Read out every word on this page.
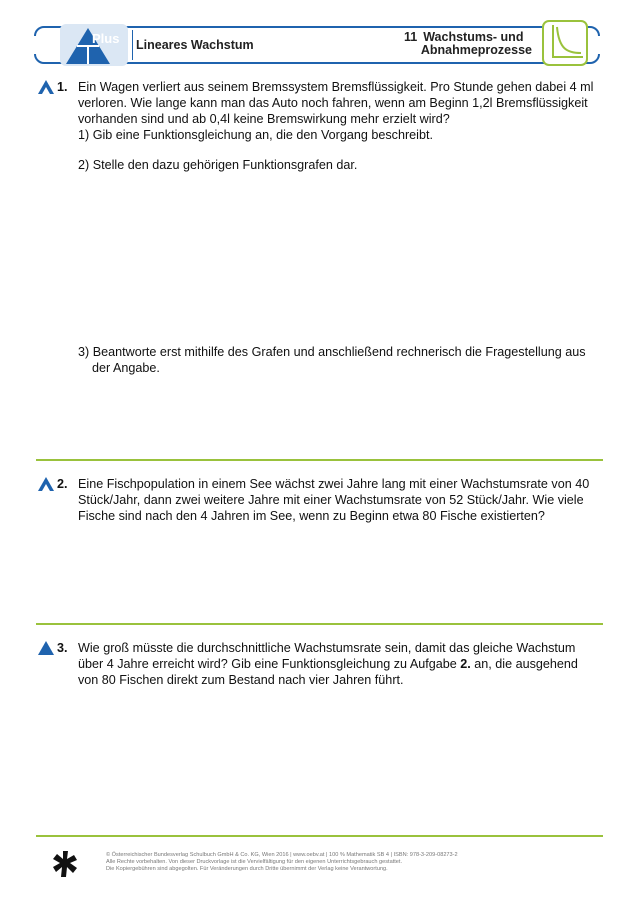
Plus Lineares Wachstum
11 Wachstums- und
Abnahmeprozesse
1. Ein Wagen verliert aus seinem Bremssystem Bremsflüssigkeit. Pro Stunde gehen dabei 4 ml

verloren. Wie lange kann man das Auto noch fahren, wenn am Beginn 1,2l Bremsflüssigkeit

vorhanden sind und ab 0,4l keine Bremswirkung mehr erzielt wird?

1) Gib eine Funktionsgleichung an, die den Vorgang beschreibt.

2) Stelle den dazu gehörigen Funktionsgrafen dar.

3) Beantworte erst mithilfe des Grafen und anschließend rechnerisch die Fragestellung aus

der Angabe.

2. Eine Fischpopulation in einem See wächst zwei Jahre lang mit einer Wachstumsrate von 40

Stück/Jahr, dann zwei weitere Jahre mit einer Wachstumsrate von 52 Stück/Jahr. Wie viele

Fische sind nach den 4 Jahren im See, wenn zu Beginn etwa 80 Fische existierten?

3. Wie groß müsste die durchschnittliche Wachstumsrate sein, damit das gleiche Wachstum

über 4 Jahre erreicht wird? Gib eine Funktionsgleichung zu Aufgabe 2. an, die ausgehend

von 80 Fischen direkt zum Bestand nach vier Jahren führt.

© Österreichischer Bundesverlag Schulbuch GmbH & Co. KG, Wien 2016 | www.oebv.at | 100 % Mathematik SB 4 | ISBN: 978-3-209-08273-2
Alle Rechte vorbehalten. Von dieser Druckvorlage ist die Vervielfältigung für den eigenen Unterrichtsgebrauch gestattet.
Die Kopiergebühren sind abgegolten. Für Veränderungen durch Dritte übernimmt der Verlag keine Verantwortung.
